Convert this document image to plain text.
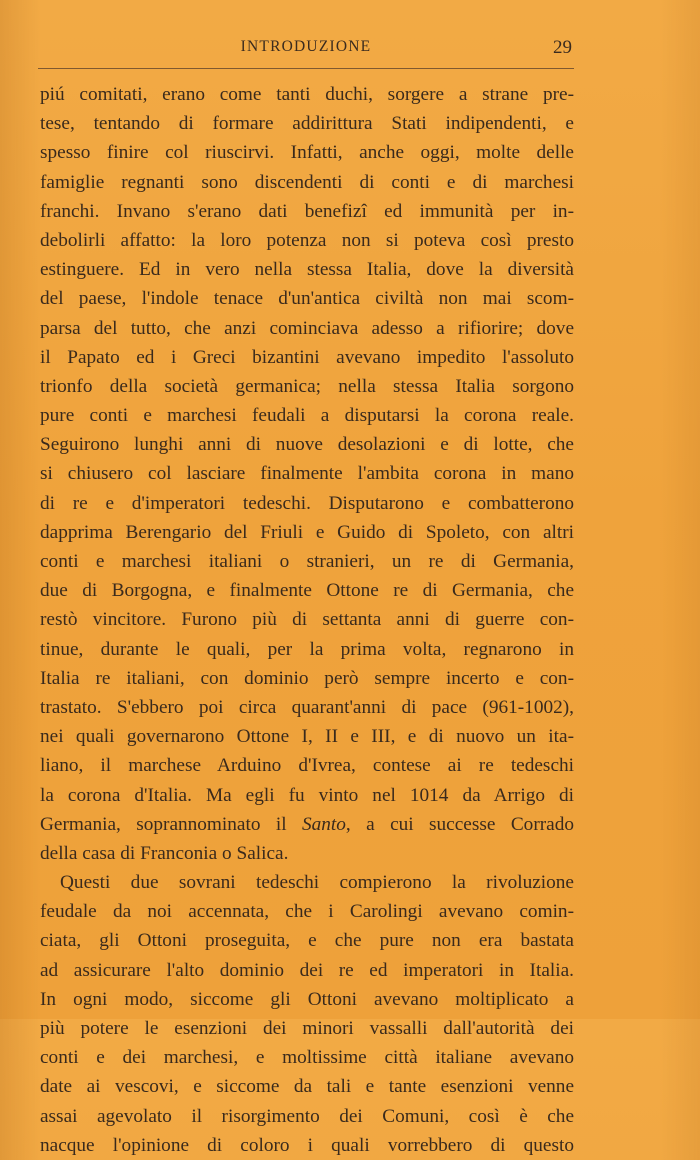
INTRODUZIONE	29
piú comitati, erano come tanti duchi, sorgere a strane pre-
tese, tentando di formare addirittura Stati indipendenti, e
spesso finire col riuscirvi. Infatti, anche oggi, molte delle
famiglie regnanti sono discendenti di conti e di marchesi
franchi. Invano s'erano dati benefizî ed immunità per in-
debolirli affatto: la loro potenza non si poteva così presto
estinguere. Ed in vero nella stessa Italia, dove la diversità
del paese, l'indole tenace d'un'antica civiltà non mai scom-
parsa del tutto, che anzi cominciava adesso a rifiorire; dove
il Papato ed i Greci bizantini avevano impedito l'assoluto
trionfo della società germanica; nella stessa Italia sorgono
pure conti e marchesi feudali a disputarsi la corona reale.
Seguirono lunghi anni di nuove desolazioni e di lotte, che
si chiusero col lasciare finalmente l'ambita corona in mano
di re e d'imperatori tedeschi. Disputarono e combatterono
dapprima Berengario del Friuli e Guido di Spoleto, con altri
conti e marchesi italiani o stranieri, un re di Germania,
due di Borgogna, e finalmente Ottone re di Germania, che
restò vincitore. Furono più di settanta anni di guerre con-
tinue, durante le quali, per la prima volta, regnarono in
Italia re italiani, con dominio però sempre incerto e con-
trastato. S'ebbero poi circa quarant'anni di pace (961-1002),
nei quali governarono Ottone I, II e III, e di nuovo un ita-
liano, il marchese Arduino d'Ivrea, contese ai re tedeschi
la corona d'Italia. Ma egli fu vinto nel 1014 da Arrigo di
Germania, soprannominato il Santo, a cui successe Corrado
della casa di Franconia o Salica.
Questi due sovrani tedeschi compierono la rivoluzione
feudale da noi accennata, che i Carolingi avevano comin-
ciata, gli Ottoni proseguita, e che pure non era bastata
ad assicurare l'alto dominio dei re ed imperatori in Italia.
In ogni modo, siccome gli Ottoni avevano moltiplicato a
più potere le esenzioni dei minori vassalli dall'autorità dei
conti e dei marchesi, e moltissime città italiane avevano
date ai vescovi, e siccome da tali e tante esenzioni venne
assai agevolato il risorgimento dei Comuni, così è che
nacque l'opinione di coloro i quali vorrebbero di questo
